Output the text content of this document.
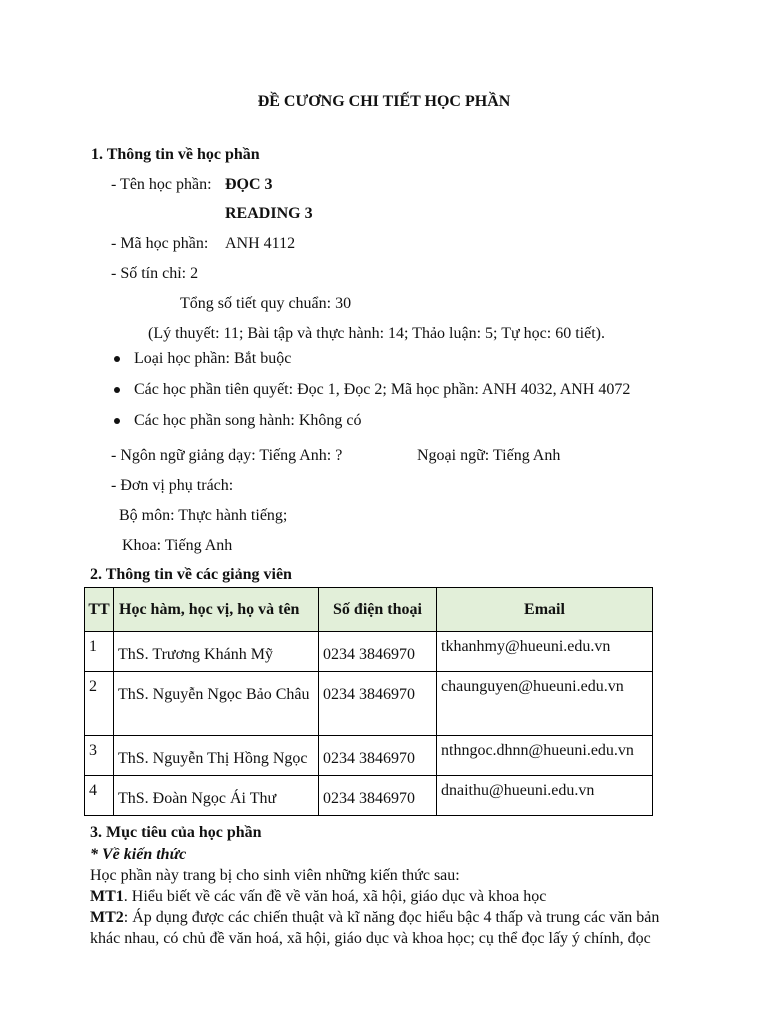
ĐỀ CƯƠNG CHI TIẾT HỌC PHẦN
1. Thông tin về học phần
- Tên học phần: ĐỌC 3
READING 3
- Mã học phần: ANH 4112
- Số tín chỉ: 2
Tổng số tiết quy chuẩn: 30
(Lý thuyết: 11; Bài tập và thực hành: 14; Thảo luận: 5; Tự học: 60 tiết).
Loại học phần: Bắt buộc
Các học phần tiên quyết: Đọc 1, Đọc 2; Mã học phần: ANH 4032, ANH 4072
Các học phần song hành: Không có
- Ngôn ngữ giảng dạy: Tiếng Anh: ?	Ngoại ngữ: Tiếng Anh
- Đơn vị phụ trách:
Bộ môn: Thực hành tiếng;
Khoa: Tiếng Anh
2. Thông tin về các giảng viên
TT	Học hàm, học vị, họ và tên	Số điện thoại	Email

1	ThS. Trương Khánh Mỹ	0234 3846970	tkhanhmy@hueuni.edu.vn

2	ThS. Nguyễn Ngọc Bảo Châu	0234 3846970	chaunguyen@hueuni.edu.vn

3	ThS. Nguyễn Thị Hồng Ngọc	0234 3846970	nthngoc.dhnn@hueuni.edu.vn

4	ThS. Đoàn Ngọc Ái Thư	0234 3846970	dnaithu@hueuni.edu.vn
3. Mục tiêu của học phần
* Về kiến thức
Học phần này trang bị cho sinh viên những kiến thức sau:
MT1. Hiểu biết về các vấn đề về văn hoá, xã hội, giáo dục và khoa học
MT2: Áp dụng được các chiến thuật và kĩ năng đọc hiểu bậc 4 thấp và trung các văn bản
khác nhau, có chủ đề văn hoá, xã hội, giáo dục và khoa học; cụ thể đọc lấy ý chính, đọc
